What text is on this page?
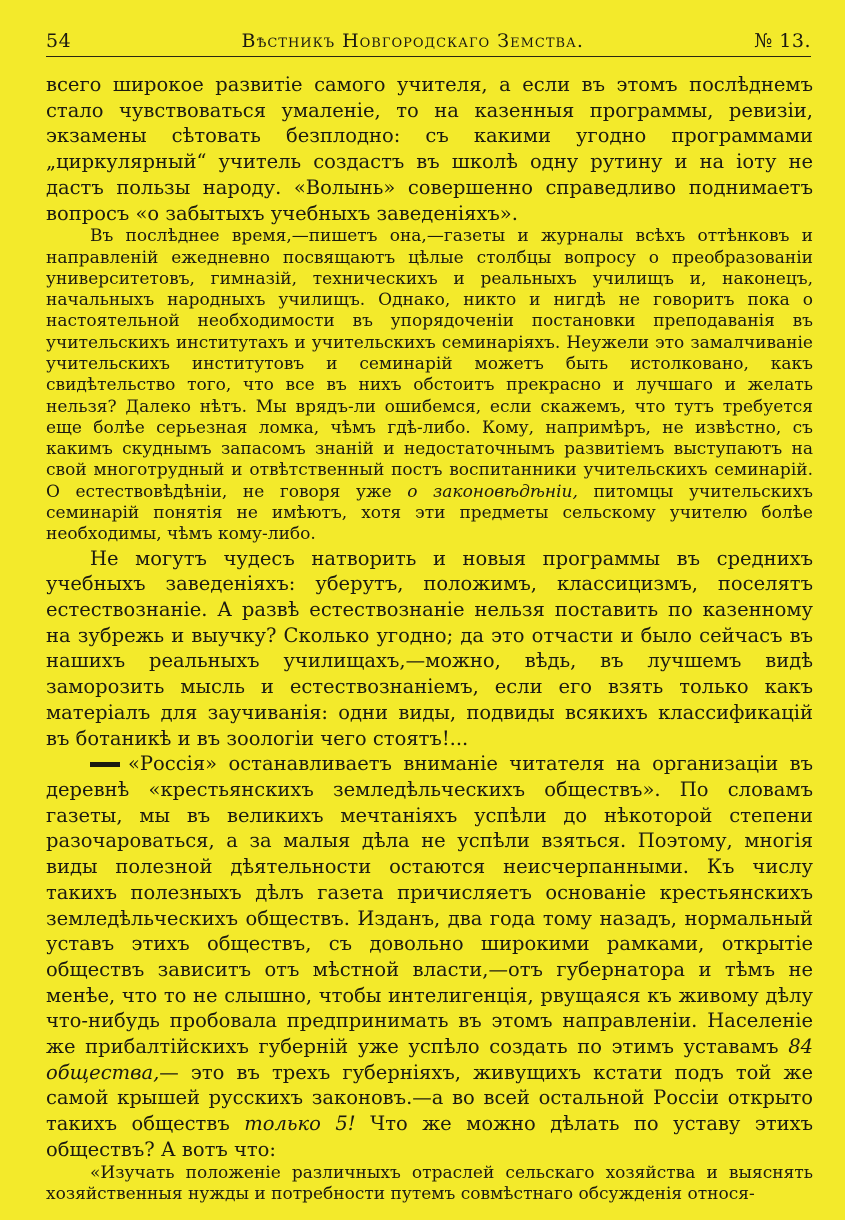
54	Вѣстникъ Новгородскаго Земства.	№ 13.

всего широкое развитіе самого учителя, а если въ этомъ послѣднемъ стало чувствоваться умаленіе, то на казенныя программы, ревизіи, экзамены сѣтовать безплодно: съ какими угодно программами „циркулярный“ учитель создастъ въ школѣ одну рутину и на іоту не дастъ пользы народу. «Волынь» совершенно справедливо поднимаетъ вопросъ «о забытыхъ учебныхъ заведеніяхъ».

Въ послѣднее время,—пишетъ она,—газеты и журналы всѣхъ оттѣнковъ и направленій ежедневно посвящаютъ цѣлые столбцы вопросу о преобразованіи университетовъ, гимназій, техническихъ и реальныхъ училищъ и, наконецъ, начальныхъ народныхъ училищъ. Однако, никто и нигдѣ не говоритъ пока о настоятельной необходимости въ упорядоченіи постановки преподаванія въ учительскихъ институтахъ и учительскихъ семинаріяхъ. Неужели это замалчиваніе учительскихъ институтовъ и семинарій можетъ быть истолковано, какъ свидѣтельство того, что все въ нихъ обстоитъ прекрасно и лучшаго и желать нельзя? Далеко нѣтъ. Мы врядъ-ли ошибемся, если скажемъ, что тутъ требуется еще болѣе серьезная ломка, чѣмъ гдѣ-либо. Кому, напримѣръ, не извѣстно, съ какимъ скуднымъ запасомъ знаній и недостаточнымъ развитіемъ выступаютъ на свой многотрудный и отвѣтственный постъ воспитанники учительскихъ семинарій. О естествовѣдѣніи, не говоря уже о законовѣдѣніи, питомцы учительскихъ семинарій понятія не имѣютъ, хотя эти предметы сельскому учителю болѣе необходимы, чѣмъ кому-либо.

Не могутъ чудесъ натворить и новыя программы въ среднихъ учебныхъ заведеніяхъ: уберутъ, положимъ, классицизмъ, поселятъ естествознаніе. А развѣ естествознаніе нельзя поставить по казенному на зубрежь и выучку? Сколько угодно; да это отчасти и было сейчасъ въ нашихъ реальныхъ училищахъ,—можно, вѣдь, въ лучшемъ видѣ заморозить мысль и естествознаніемъ, если его взять только какъ матеріалъ для заучиванія: одни виды, подвиды всякихъ классификацій въ ботаникѣ и въ зоологіи чего стоятъ!...

«Россія» останавливаетъ вниманіе читателя на организаціи въ деревнѣ «крестьянскихъ земледѣльческихъ обществъ». По словамъ газеты, мы въ великихъ мечтаніяхъ успѣли до нѣкоторой степени разочароваться, а за малыя дѣла не успѣли взяться. Поэтому, многія виды полезной дѣятельности остаются неисчерпанными. Къ числу такихъ полезныхъ дѣлъ газета причисляетъ основаніе крестьянскихъ земледѣльческихъ обществъ. Изданъ, два года тому назадъ, нормальный уставъ этихъ обществъ, съ довольно широкими рамками, открытіе обществъ зависитъ отъ мѣстной власти,—отъ губернатора и тѣмъ не менѣе, что то не слышно, чтобы интелигенція, рвущаяся къ живому дѣлу что-нибудь пробовала предпринимать въ этомъ направленіи. Населеніе же прибалтійскихъ губерній уже успѣло создать по этимъ уставамъ 84 общества,— это въ трехъ губерніяхъ, живущихъ кстати подъ той же самой крышей русскихъ законовъ.—а во всей остальной Россіи открыто такихъ обществъ только 5! Что же можно дѣлать по уставу этихъ обществъ? А вотъ что:

«Изучать положеніе различныхъ отраслей сельскаго хозяйства и выяснять хозяйственныя нужды и потребности путемъ совмѣстнаго обсужденія относя-
